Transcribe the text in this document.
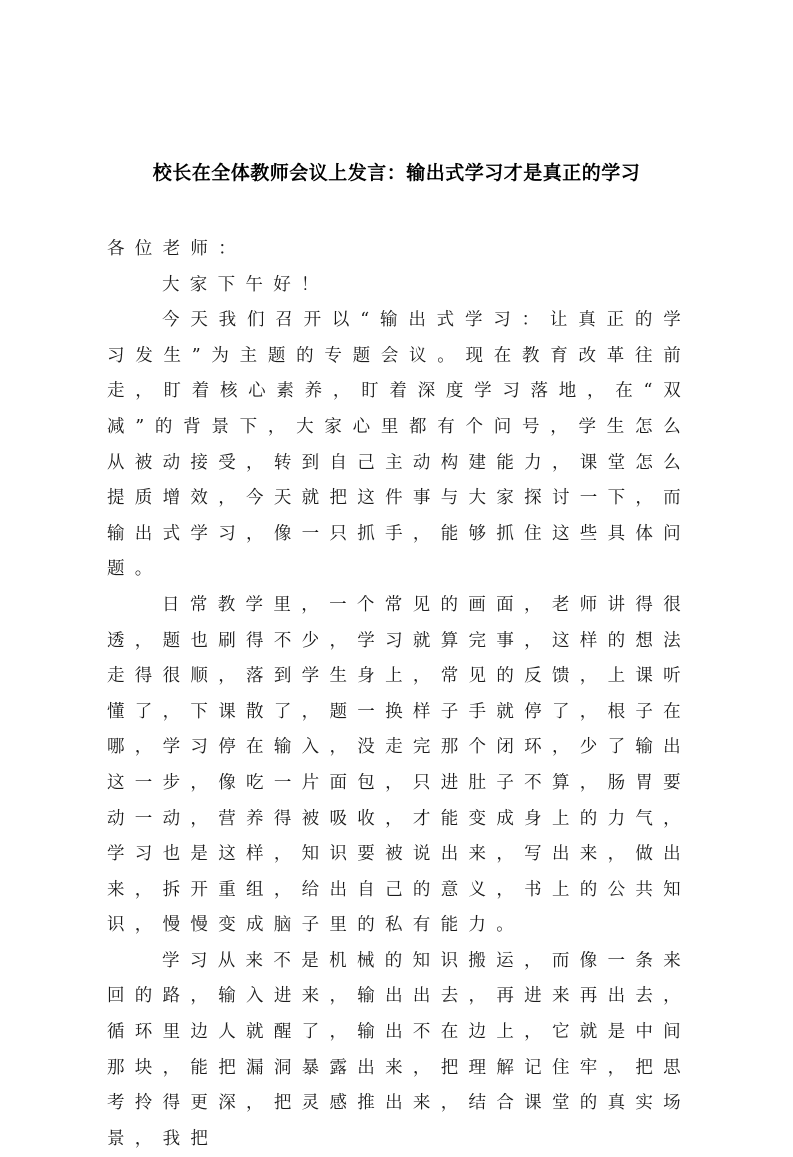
校长在全体教师会议上发言：输出式学习才是真正的学习

各位老师：

大家下午好！

今天我们召开以“输出式学习：让真正的学习发生”为主题的专题会议。现在教育改革往前走，盯着核心素养，盯着深度学习落地，在“双减”的背景下，大家心里都有个问号，学生怎么从被动接受，转到自己主动构建能力，课堂怎么提质增效，今天就把这件事与大家探讨一下，而输出式学习，像一只抓手，能够抓住这些具体问题。

日常教学里，一个常见的画面，老师讲得很透，题也刷得不少，学习就算完事，这样的想法走得很顺，落到学生身上，常见的反馈，上课听懂了，下课散了，题一换样子手就停了，根子在哪，学习停在输入，没走完那个闭环，少了输出这一步，像吃一片面包，只进肚子不算，肠胃要动一动，营养得被吸收，才能变成身上的力气，学习也是这样，知识要被说出来，写出来，做出来，拆开重组，给出自己的意义，书上的公共知识，慢慢变成脑子里的私有能力。

学习从来不是机械的知识搬运，而像一条来回的路，输入进来，输出出去，再进来再出去，循环里边人就醒了，输出不在边上，它就是中间那块，能把漏洞暴露出来，把理解记住牢，把思考拎得更深，把灵感推出来，结合课堂的真实场景，我把
